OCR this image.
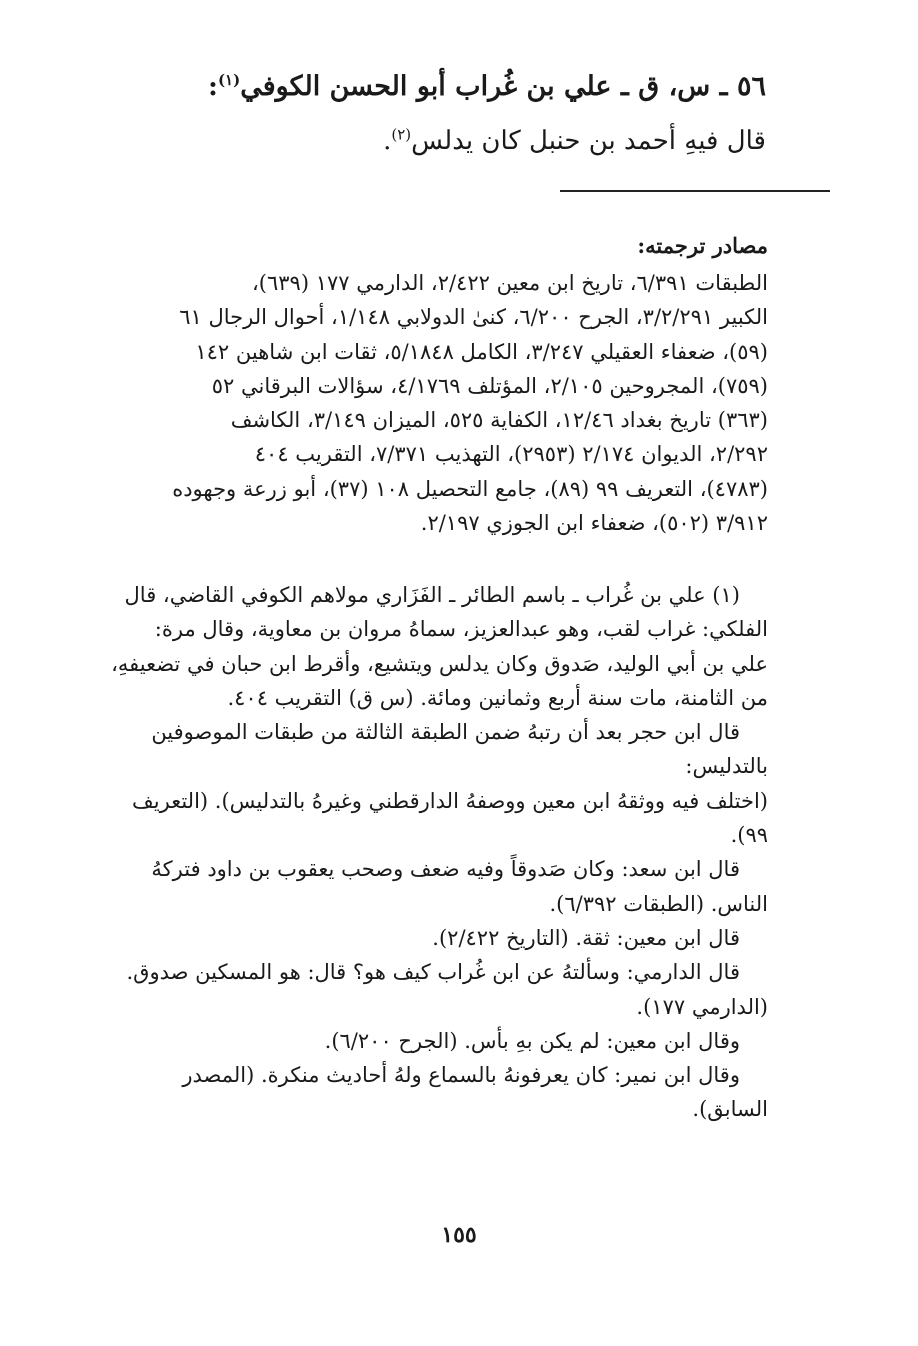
٥٦ ـ س، ق ـ علي بن غُراب أبو الحسن الكوفي$^{(١)}$:
قال فيهِ أحمد بن حنبل كان يدلس$^{(٢)}$.
مصادر ترجمته:
الطبقات ٦/٣٩١، تاريخ ابن معين ٢/٤٢٢، الدارمي ١٧٧ (٦٣٩)،
الكبير ٣/٢/٢٩١، الجرح ٦/٢٠٠، كنىٰ الدولابي ١/١٤٨، أحوال الرجال ٦١
(٥٩)، ضعفاء العقيلي ٣/٢٤٧، الكامل ٥/١٨٤٨، ثقات ابن شاهين ١٤٢
(٧٥٩)، المجروحين ٢/١٠٥، المؤتلف ٤/١٧٦٩، سؤالات البرقاني ٥٢
(٣٦٣) تاريخ بغداد ١٢/٤٦، الكفاية ٥٢٥، الميزان ٣/١٤٩، الكاشف
٢/٢٩٢، الديوان ٢/١٧٤ (٢٩٥٣)، التهذيب ٧/٣٧١، التقريب ٤٠٤
(٤٧٨٣)، التعريف ٩٩ (٨٩)، جامع التحصيل ١٠٨ (٣٧)، أبو زرعة وجهوده
٣/٩١٢ (٥٠٢)، ضعفاء ابن الجوزي ٢/١٩٧.
(١) علي بن غُراب ـ باسم الطائر ـ الفَزَاري مولاهم الكوفي القاضي، قال
الفلكي: غراب لقب، وهو عبدالعزيز، سماهُ مروان بن معاوية، وقال مرة:
علي بن أبي الوليد، صَدوق وكان يدلس ويتشيع، وأقرط ابن حبان في تضعيفهِ،
من الثامنة، مات سنة أربع وثمانين ومائة. (س ق) التقريب ٤٠٤.
قال ابن حجر بعد أن رتبهُ ضمن الطبقة الثالثة من طبقات الموصوفين
بالتدليس:
(اختلف فيه ووثقهُ ابن معين ووصفهُ الدارقطني وغيرهُ بالتدليس). (التعريف
٩٩).
قال ابن سعد: وكان صَدوقاً وفيه ضعف وصحب يعقوب بن داود فتركهُ
الناس. (الطبقات ٦/٣٩٢).
قال ابن معين: ثقة. (التاريخ ٢/٤٢٢).
قال الدارمي: وسألتهُ عن ابن غُراب كيف هو؟ قال: هو المسكين صدوق.
(الدارمي ١٧٧).
وقال ابن معين: لم يكن بهِ بأس. (الجرح ٦/٢٠٠).
وقال ابن نمير: كان يعرفونهُ بالسماع ولهُ أحاديث منكرة. (المصدر
السابق).
١٥٥
